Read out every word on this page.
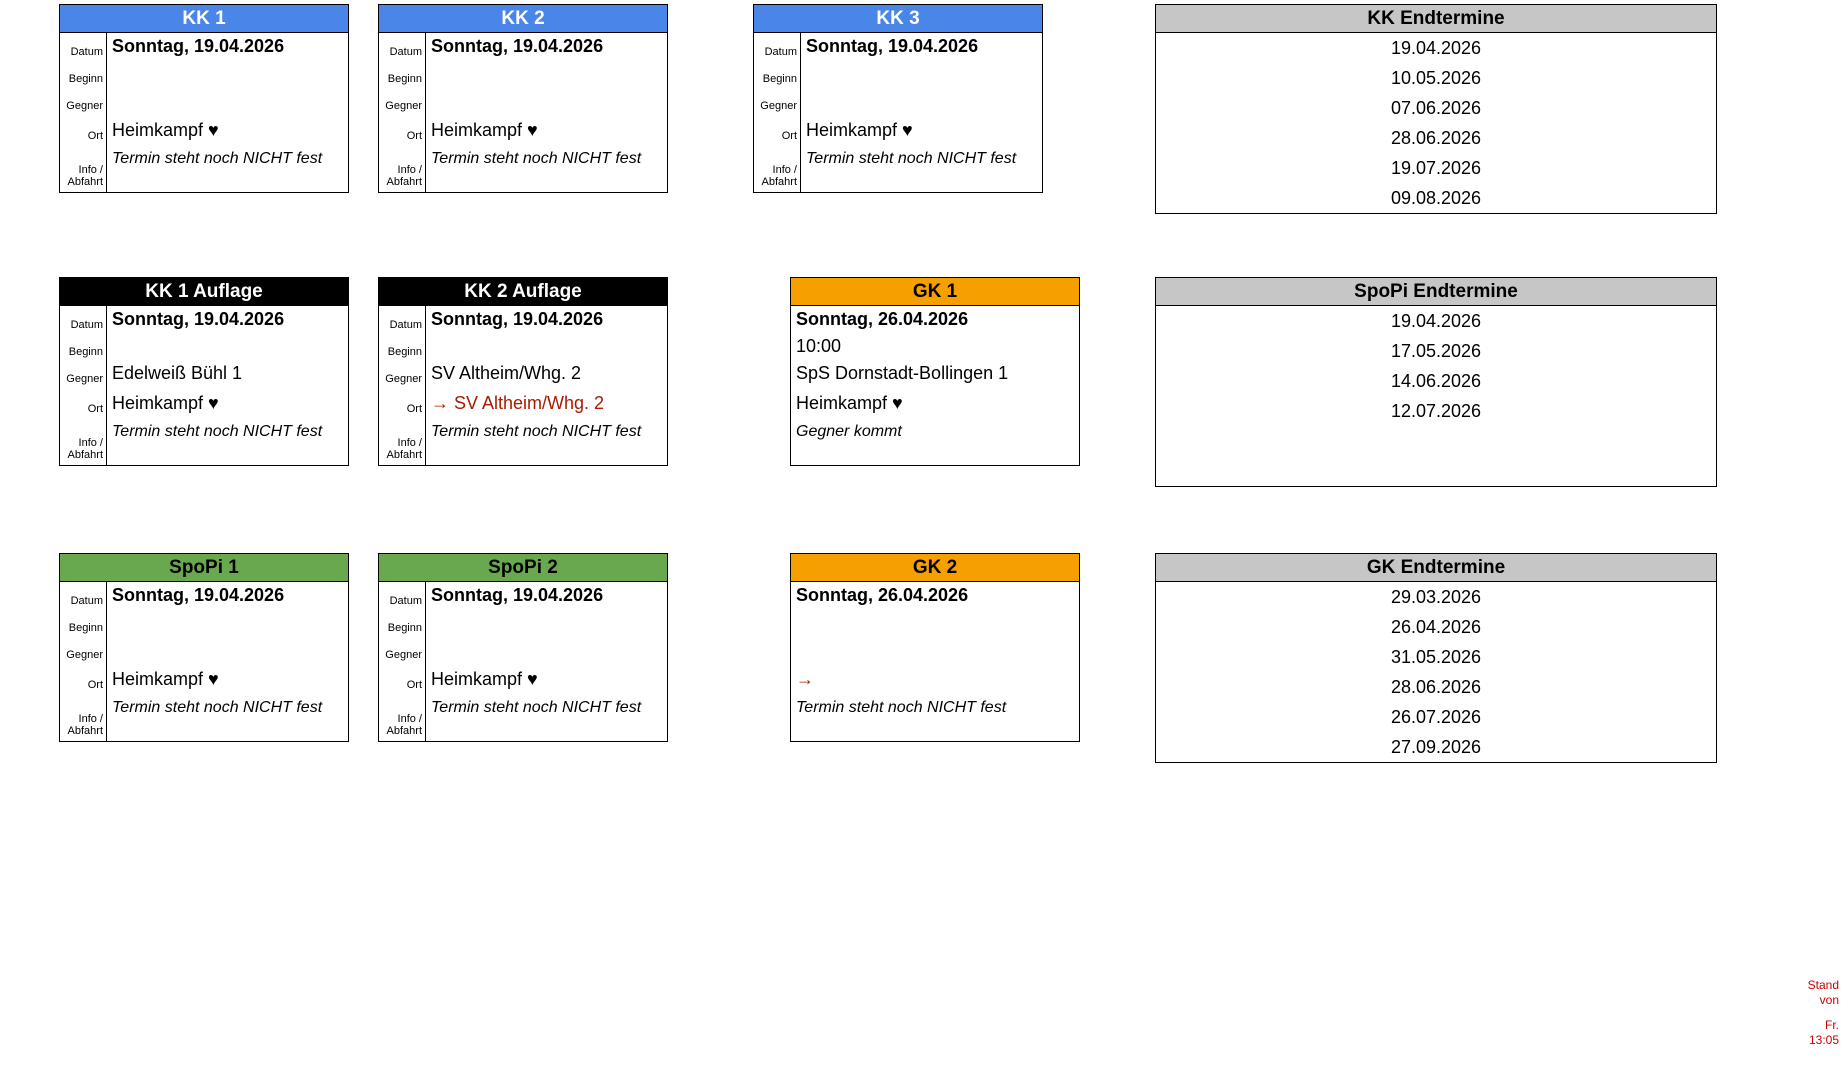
KK 1
Datum Sonntag, 19.04.2026
Beginn
Gegner
Ort Heimkampf ♥
Info /
Abfahrt
Termin steht noch NICHT fest
KK 2
Datum Sonntag, 19.04.2026
Beginn
Gegner
Ort Heimkampf ♥
Info /
Abfahrt
Termin steht noch NICHT fest
KK 3
Datum Sonntag, 19.04.2026
Beginn
Gegner
Ort Heimkampf ♥
Info /
Abfahrt
Termin steht noch NICHT fest
KK 1 Auflage
Datum Sonntag, 19.04.2026
Beginn
Gegner Edelweiß Bühl 1
Ort Heimkampf ♥
Info /
Abfahrt
Termin steht noch NICHT fest
KK 2 Auflage
Datum Sonntag, 19.04.2026
Beginn
Gegner SV Altheim/Whg. 2
Ort → SV Altheim/Whg. 2
Info /
Abfahrt
Termin steht noch NICHT fest
GK 1
Sonntag, 26.04.2026
10:00
SpS Dornstadt-Bollingen 1
Heimkampf ♥
Gegner kommt
SpoPi 1
Datum Sonntag, 19.04.2026
Beginn
Gegner
Ort Heimkampf ♥
Info /
Abfahrt
Termin steht noch NICHT fest
SpoPi 2
Datum Sonntag, 19.04.2026
Beginn
Gegner
Ort Heimkampf ♥
Info /
Abfahrt
Termin steht noch NICHT fest
GK 2
Sonntag, 26.04.2026
→
Termin steht noch NICHT fest
KK Endtermine
19.04.2026
10.05.2026
07.06.2026
28.06.2026
19.07.2026
09.08.2026
SpoPi Endtermine
19.04.2026
17.05.2026
14.06.2026
12.07.2026

GK Endtermine
29.03.2026
26.04.2026
31.05.2026
28.06.2026
26.07.2026
27.09.2026
Stand
von
Fr.
13:05
